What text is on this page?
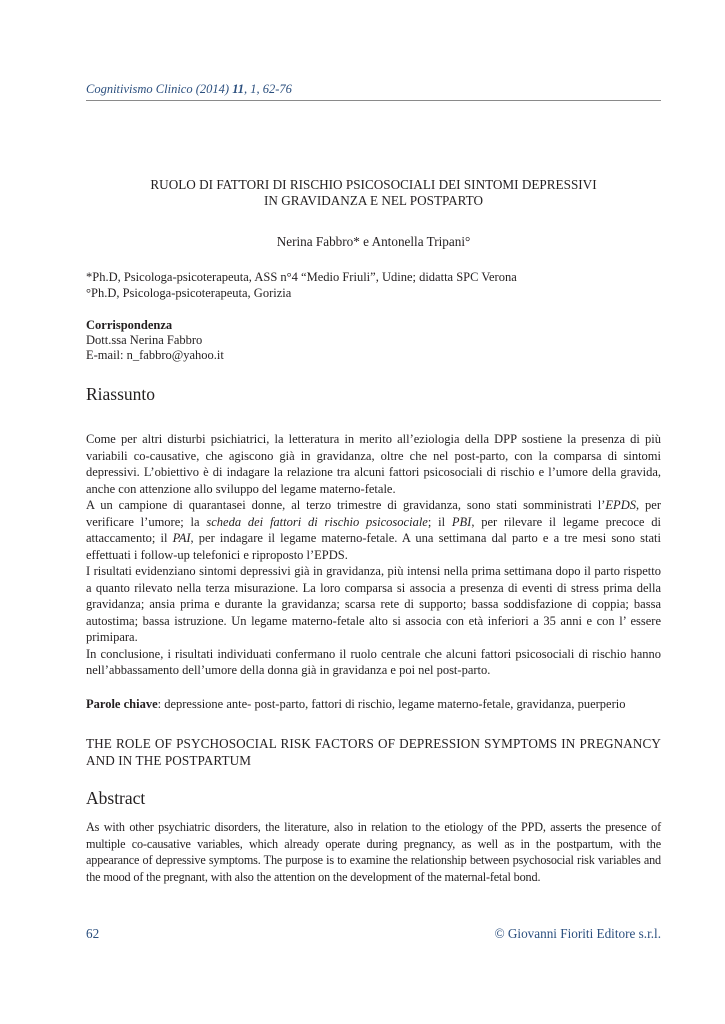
Cognitivismo Clinico (2014) 11, 1, 62-76
RUOLO DI FATTORI DI RISCHIO PSICOSOCIALI DEI SINTOMI DEPRESSIVI
IN GRAVIDANZA E NEL POSTPARTO
Nerina Fabbro* e Antonella Tripani°
*Ph.D, Psicologa-psicoterapeuta, ASS n°4 “Medio Friuli”, Udine; didatta SPC Verona
°Ph.D, Psicologa-psicoterapeuta, Gorizia
Corrispondenza
Dott.ssa Nerina Fabbro
E-mail: n_fabbro@yahoo.it
Riassunto

Come per altri disturbi psichiatrici, la letteratura in merito all’eziologia della DPP sostiene la presenza di più variabili co-causative, che agiscono già in gravidanza, oltre che nel post-parto, con la comparsa di sintomi depressivi. L’obiettivo è di indagare la relazione tra alcuni fattori psicosociali di rischio e l’umore della gravida, anche con attenzione allo sviluppo del legame materno-fetale.

A un campione di quarantasei donne, al terzo trimestre di gravidanza, sono stati somministrati l’EPDS, per verificare l’umore; la scheda dei fattori di rischio psicosociale; il PBI, per rilevare il legame precoce di attaccamento; il PAI, per indagare il legame materno-fetale. A una settimana dal parto e a tre mesi sono stati effettuati i follow-up telefonici e riproposto l’EPDS.

I risultati evidenziano sintomi depressivi già in gravidanza, più intensi nella prima settimana dopo il parto rispetto a quanto rilevato nella terza misurazione. La loro comparsa si associa a presenza di eventi di stress prima della gravidanza; ansia prima e durante la gravidanza; scarsa rete di supporto; bassa soddisfazione di coppia; bassa autostima; bassa istruzione. Un legame materno-fetale alto si associa con età inferiori a 35 anni e con l’ essere primipara.

In conclusione, i risultati individuati confermano il ruolo centrale che alcuni fattori psicosociali di rischio hanno nell’abbassamento dell’umore della donna già in gravidanza e poi nel post-parto.

Parole chiave: depressione ante- post-parto, fattori di rischio, legame materno-fetale, gravidanza, puerperio
THE ROLE OF PSYCHOSOCIAL RISK FACTORS OF DEPRESSION SYMPTOMS IN PREGNANCY AND IN THE POSTPARTUM
Abstract

As with other psychiatric disorders, the literature, also in relation to the etiology of the PPD, asserts the presence of multiple co-causative variables, which already operate during pregnancy, as well as in the postpartum, with the appearance of depressive symptoms. The purpose is to examine the relationship between psychosocial risk variables and the mood of the pregnant, with also the attention on the development of the maternal-fetal bond.

62	© Giovanni Fioriti Editore s.r.l.
